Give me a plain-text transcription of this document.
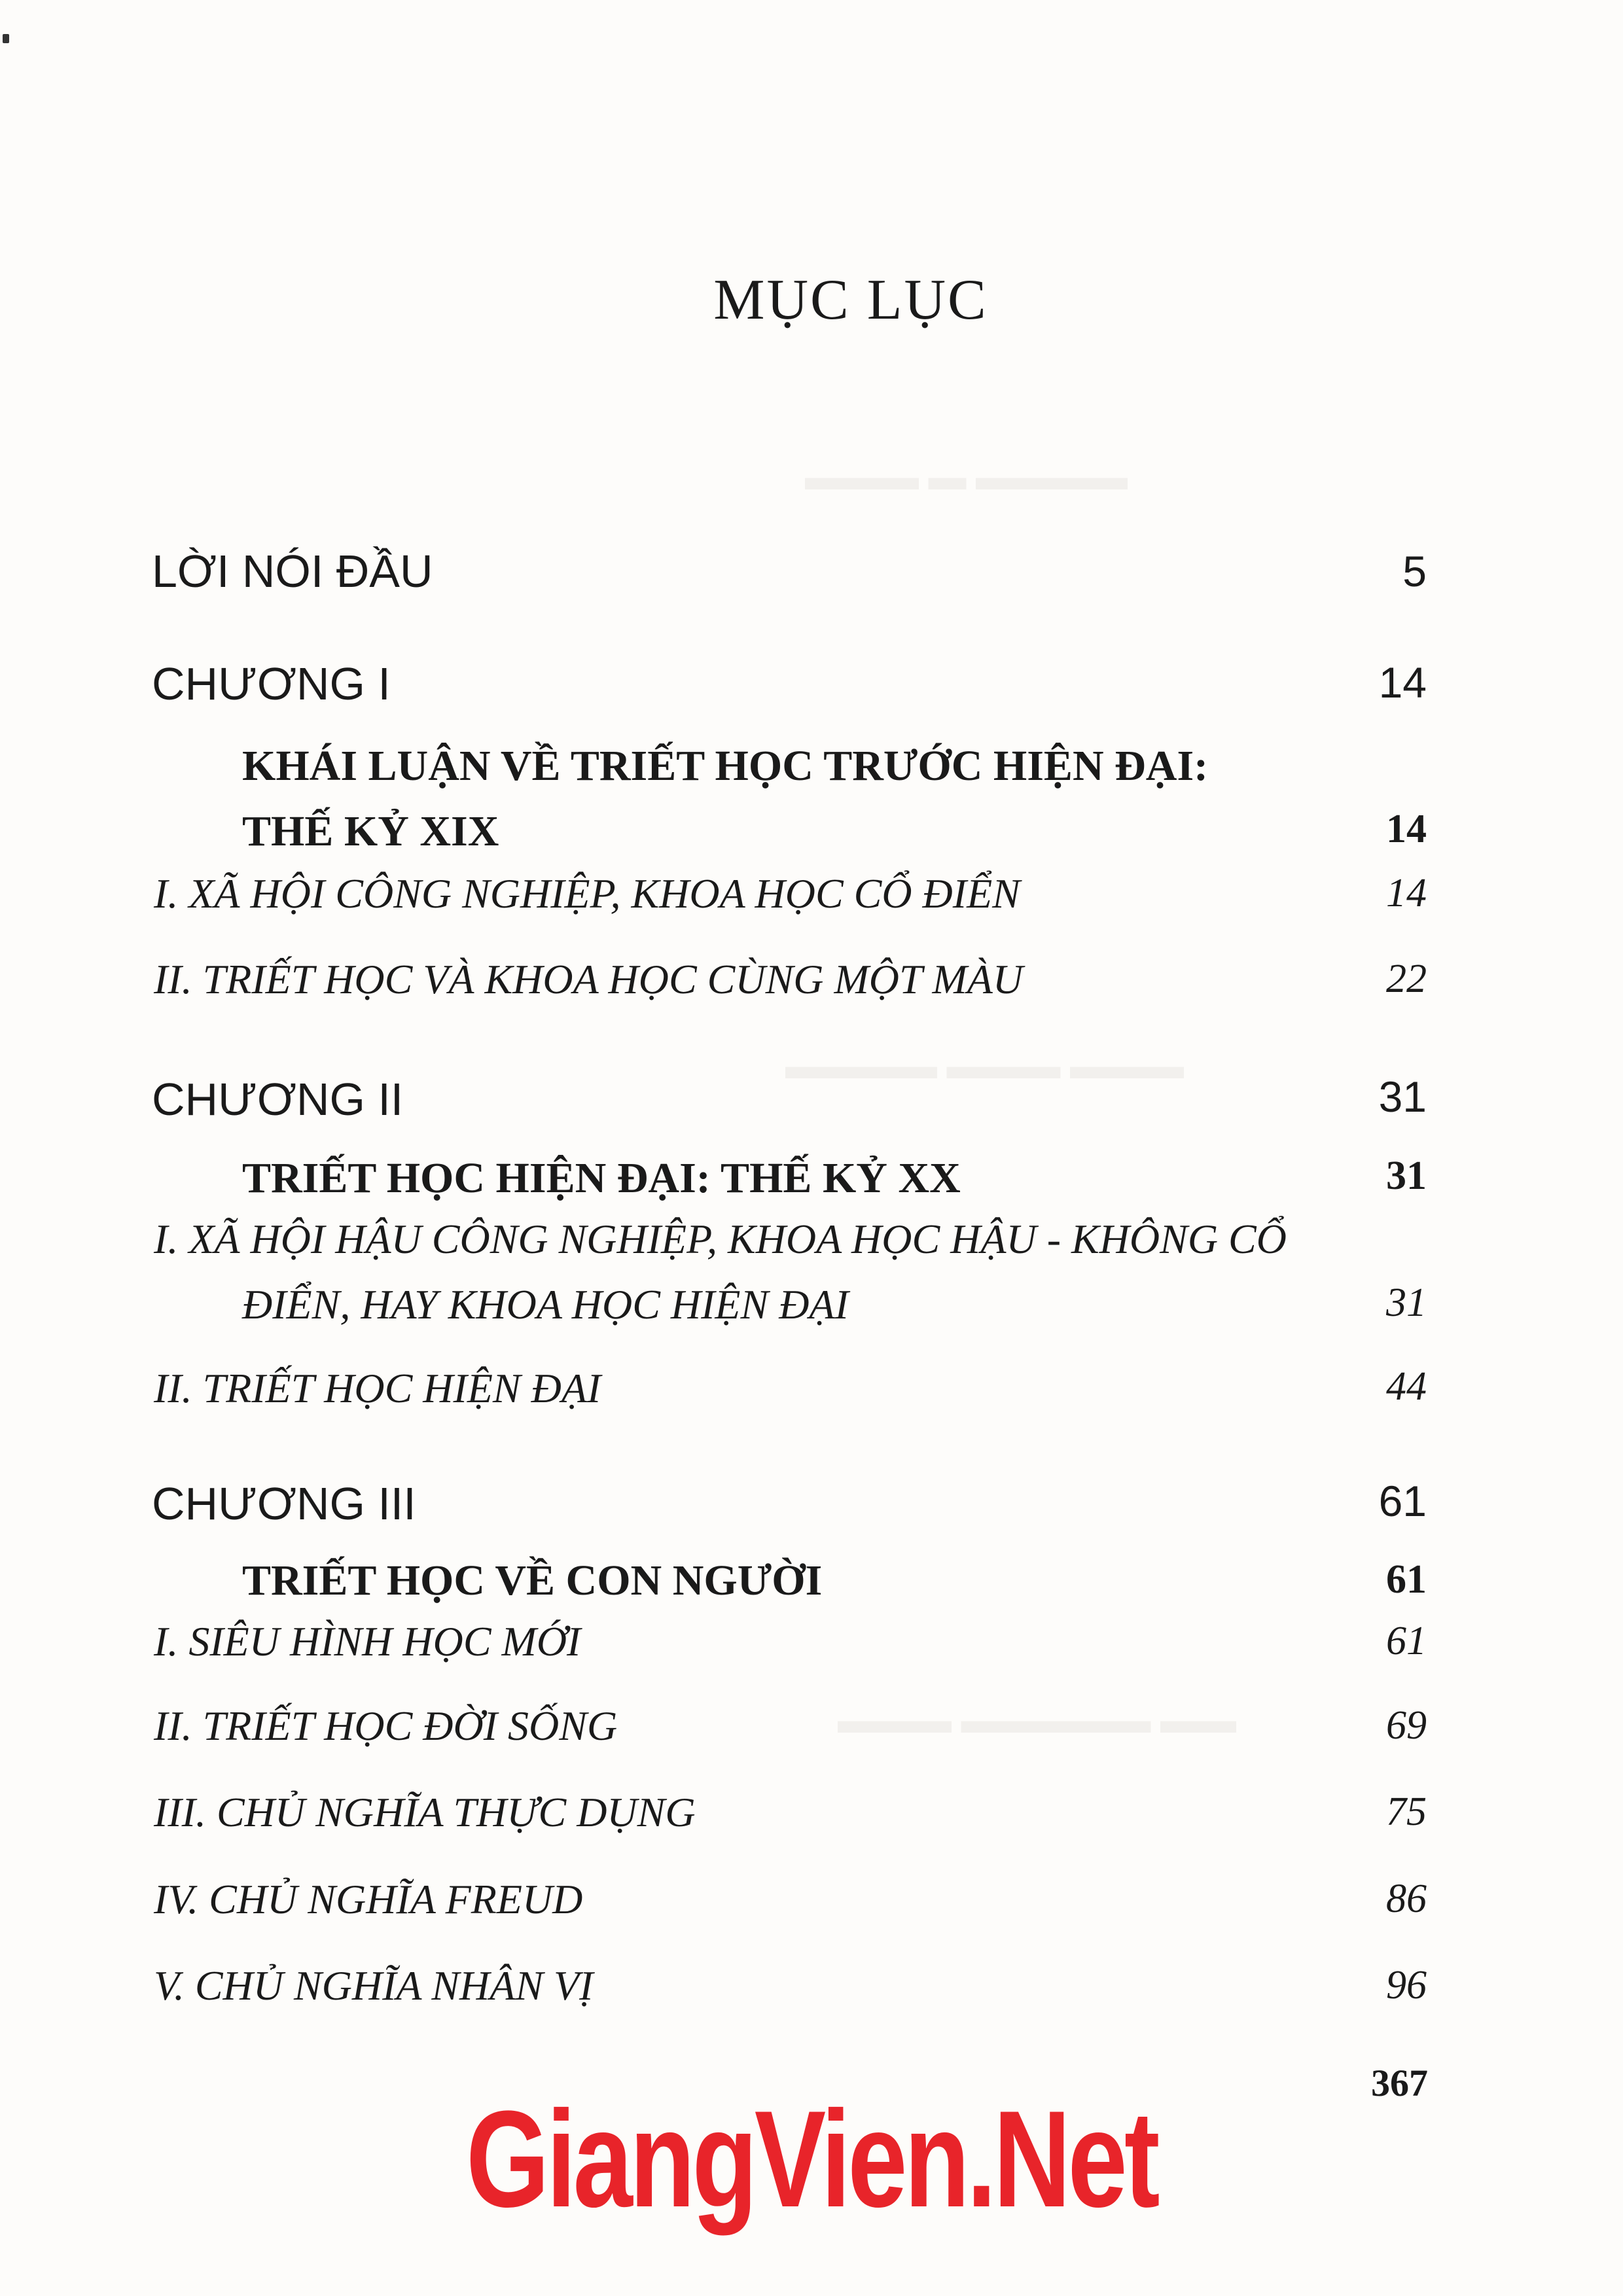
▬▬▬ ▬ ▬▬▬▬
▬▬▬▬ ▬▬▬ ▬▬▬
▬▬▬ ▬▬▬▬▬ ▬▬
MỤC LỤC
LỜI NÓI ĐẦU	5
CHƯƠNG I	14
KHÁI LUẬN VỀ TRIẾT HỌC TRƯỚC HIỆN ĐẠI:
THẾ KỶ XIX	14
I. XÃ HỘI CÔNG NGHIỆP, KHOA HỌC CỔ ĐIỂN	14
II. TRIẾT HỌC VÀ KHOA HỌC CÙNG MỘT MÀU	22
CHƯƠNG II	31
TRIẾT HỌC HIỆN ĐẠI: THẾ KỶ XX	31
I. XÃ HỘI HẬU CÔNG NGHIỆP, KHOA HỌC HẬU - KHÔNG CỔ
ĐIỂN, HAY KHOA HỌC HIỆN ĐẠI	31
II. TRIẾT HỌC HIỆN ĐẠI	44
CHƯƠNG III	61
TRIẾT HỌC VỀ CON NGƯỜI	61
I. SIÊU HÌNH HỌC MỚI	61
II. TRIẾT HỌC ĐỜI SỐNG	69
III. CHỦ NGHĨA THỰC DỤNG	75
IV. CHỦ NGHĨA FREUD	86
V. CHỦ NGHĨA NHÂN VỊ	96
367
GiangVien.Net
